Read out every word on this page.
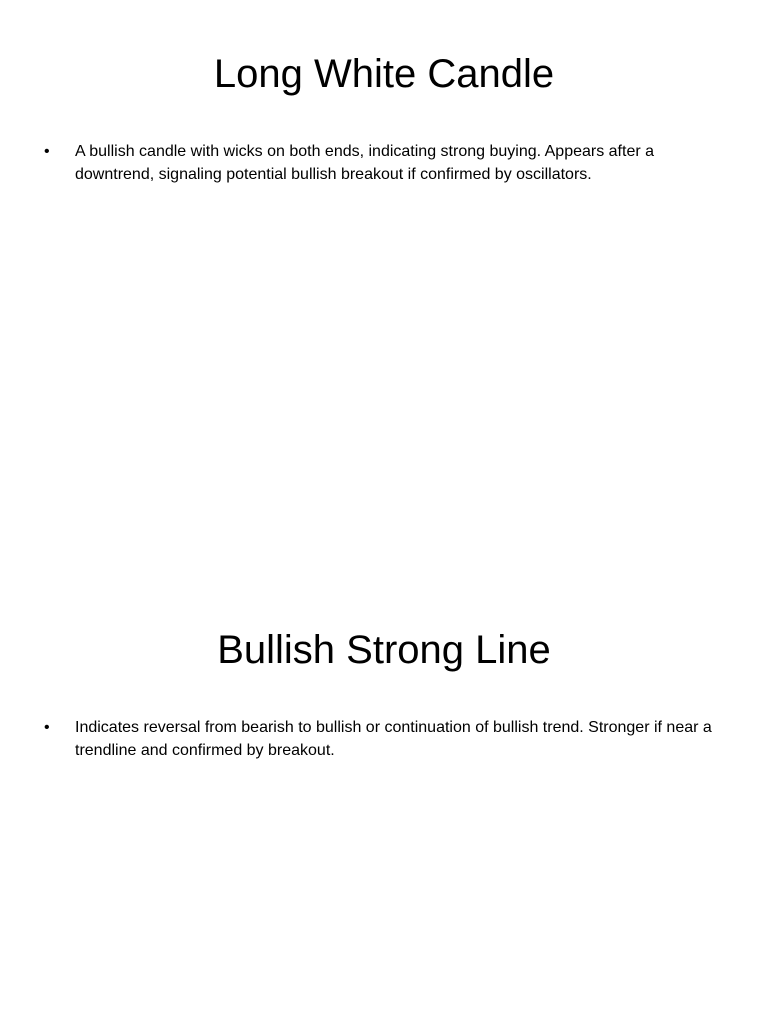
Long White Candle
• A bullish candle with wicks on both ends, indicating strong buying. Appears after a downtrend, signaling potential bullish breakout if confirmed by oscillators.
Bullish Strong Line
• Indicates reversal from bearish to bullish or continuation of bullish trend. Stronger if near a trendline and confirmed by breakout.
